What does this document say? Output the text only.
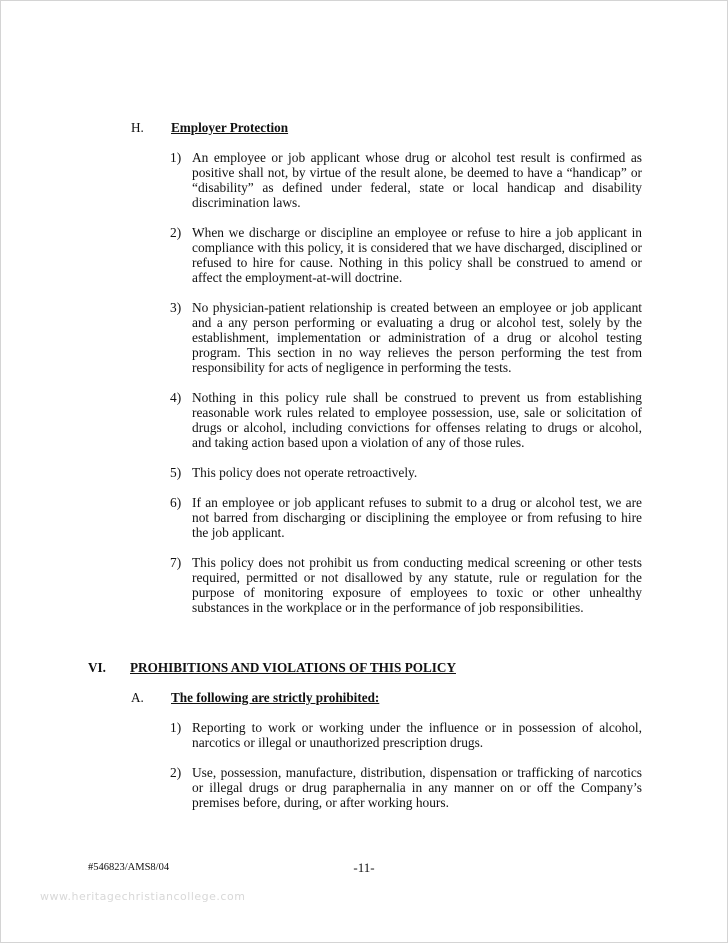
H. Employer Protection
1) An employee or job applicant whose drug or alcohol test result is confirmed as positive shall not, by virtue of the result alone, be deemed to have a “handicap” or “disability” as defined under federal, state or local handicap and disability discrimination laws.
2) When we discharge or discipline an employee or refuse to hire a job applicant in compliance with this policy, it is considered that we have discharged, disciplined or refused to hire for cause. Nothing in this policy shall be construed to amend or affect the employment-at-will doctrine.
3) No physician-patient relationship is created between an employee or job applicant and a any person performing or evaluating a drug or alcohol test, solely by the establishment, implementation or administration of a drug or alcohol testing program. This section in no way relieves the person performing the test from responsibility for acts of negligence in performing the tests.
4) Nothing in this policy rule shall be construed to prevent us from establishing reasonable work rules related to employee possession, use, sale or solicitation of drugs or alcohol, including convictions for offenses relating to drugs or alcohol, and taking action based upon a violation of any of those rules.
5) This policy does not operate retroactively.
6) If an employee or job applicant refuses to submit to a drug or alcohol test, we are not barred from discharging or disciplining the employee or from refusing to hire the job applicant.
7) This policy does not prohibit us from conducting medical screening or other tests required, permitted or not disallowed by any statute, rule or regulation for the purpose of monitoring exposure of employees to toxic or other unhealthy substances in the workplace or in the performance of job responsibilities.
VI. PROHIBITIONS AND VIOLATIONS OF THIS POLICY
A. The following are strictly prohibited:
1) Reporting to work or working under the influence or in possession of alcohol, narcotics or illegal or unauthorized prescription drugs.
2) Use, possession, manufacture, distribution, dispensation or trafficking of narcotics or illegal drugs or drug paraphernalia in any manner on or off the Company’s premises before, during, or after working hours.
#546823/AMS8/04	-11-
www.heritagechristiancollege.com
